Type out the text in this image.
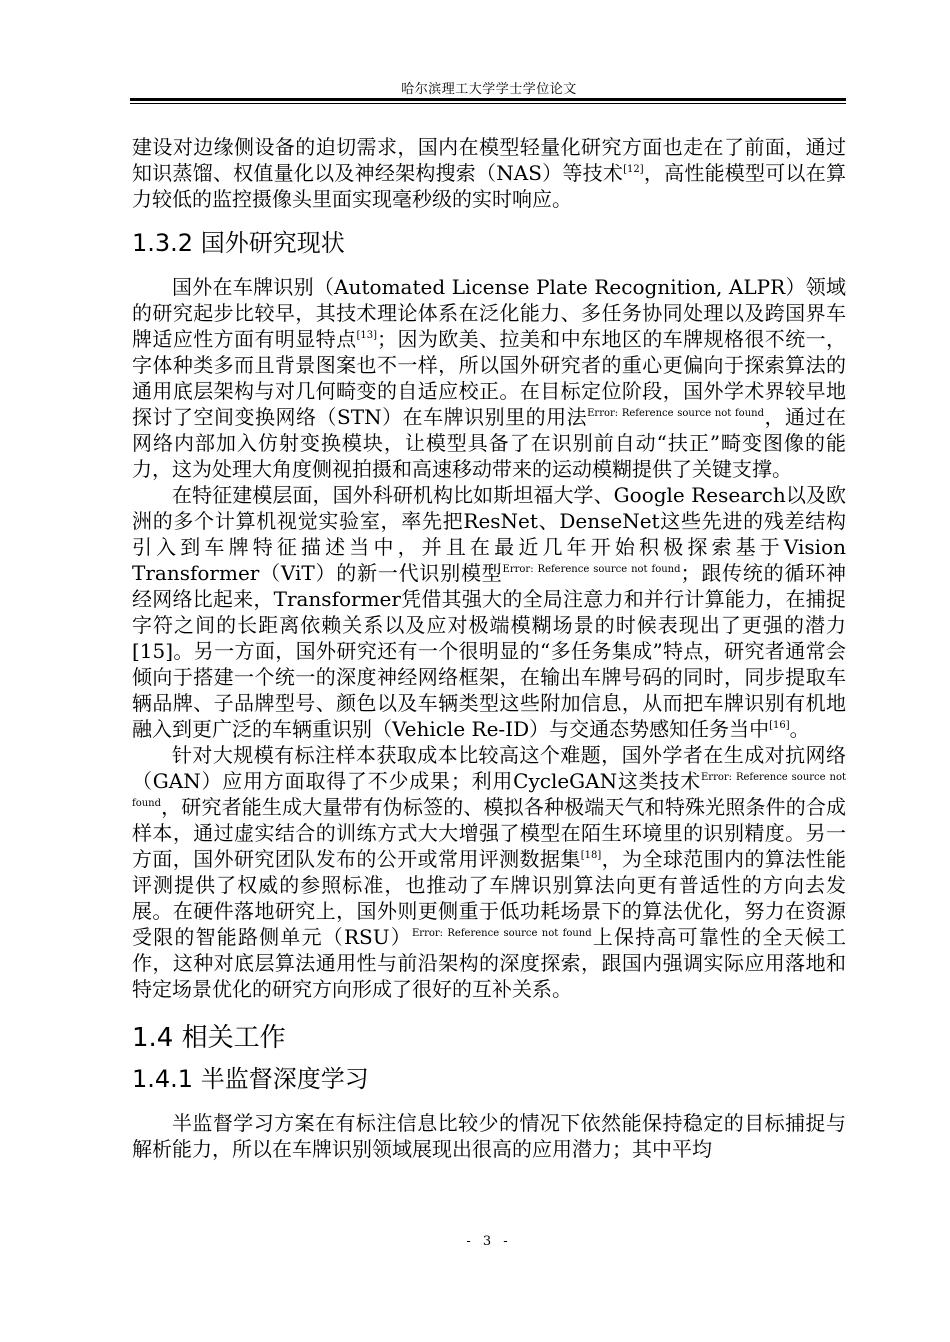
哈尔滨理工大学学士学位论文

建设对边缘侧设备的迫切需求，国内在模型轻量化研究方面也走在了前面，通过知识蒸馏、权值量化以及神经架构搜索（NAS）等技术[12]，高性能模型可以在算力较低的监控摄像头里面实现毫秒级的实时响应。

1.3.2 国外研究现状

国外在车牌识别（Automated License Plate Recognition, ALPR）领域的研究起步比较早，其技术理论体系在泛化能力、多任务协同处理以及跨国界车牌适应性方面有明显特点[13]；因为欧美、拉美和中东地区的车牌规格很不统一，字体种类多而且背景图案也不一样，所以国外研究者的重心更偏向于探索算法的通用底层架构与对几何畸变的自适应校正。在目标定位阶段，国外学术界较早地探讨了空间变换网络（STN）在车牌识别里的用法$^{Error: Reference source not found}$，通过在网络内部加入仿射变换模块，让模型具备了在识别前自动“扶正”畸变图像的能力，这为处理大角度侧视拍摄和高速移动带来的运动模糊提供了关键支撑。

在特征建模层面，国外科研机构比如斯坦福大学、Google Research以及欧洲的多个计算机视觉实验室，率先把ResNet、DenseNet这些先进的残差结构引入到车牌特征描述当中，并且在最近几年开始积极探索基于Vision Transformer（ViT）的新一代识别模型$^{Error: Reference source not found}$；跟传统的循环神经网络比起来，Transformer凭借其强大的全局注意力和并行计算能力，在捕捉字符之间的长距离依赖关系以及应对极端模糊场景的时候表现出了更强的潜力[15]。另一方面，国外研究还有一个很明显的“多任务集成”特点，研究者通常会倾向于搭建一个统一的深度神经网络框架，在输出车牌号码的同时，同步提取车辆品牌、子品牌型号、颜色以及车辆类型这些附加信息，从而把车牌识别有机地融入到更广泛的车辆重识别（Vehicle Re-ID）与交通态势感知任务当中[16]。

针对大规模有标注样本获取成本比较高这个难题，国外学者在生成对抗网络（GAN）应用方面取得了不少成果；利用CycleGAN这类技术$^{Error: Reference source not found}$，研究者能生成大量带有伪标签的、模拟各种极端天气和特殊光照条件的合成样本，通过虚实结合的训练方式大大增强了模型在陌生环境里的识别精度。另一方面，国外研究团队发布的公开或常用评测数据集[18]，为全球范围内的算法性能评测提供了权威的参照标准，也推动了车牌识别算法向更有普适性的方向去发展。在硬件落地研究上，国外则更侧重于低功耗场景下的算法优化，努力在资源受限的智能路侧单元（RSU）$^{Error: Reference source not found}$上保持高可靠性的全天候工作，这种对底层算法通用性与前沿架构的深度探索，跟国内强调实际应用落地和特定场景优化的研究方向形成了很好的互补关系。

1.4 相关工作
1.4.1 半监督深度学习

半监督学习方案在有标注信息比较少的情况下依然能保持稳定的目标捕捉与解析能力，所以在车牌识别领域展现出很高的应用潜力；其中平均

- 3 -
